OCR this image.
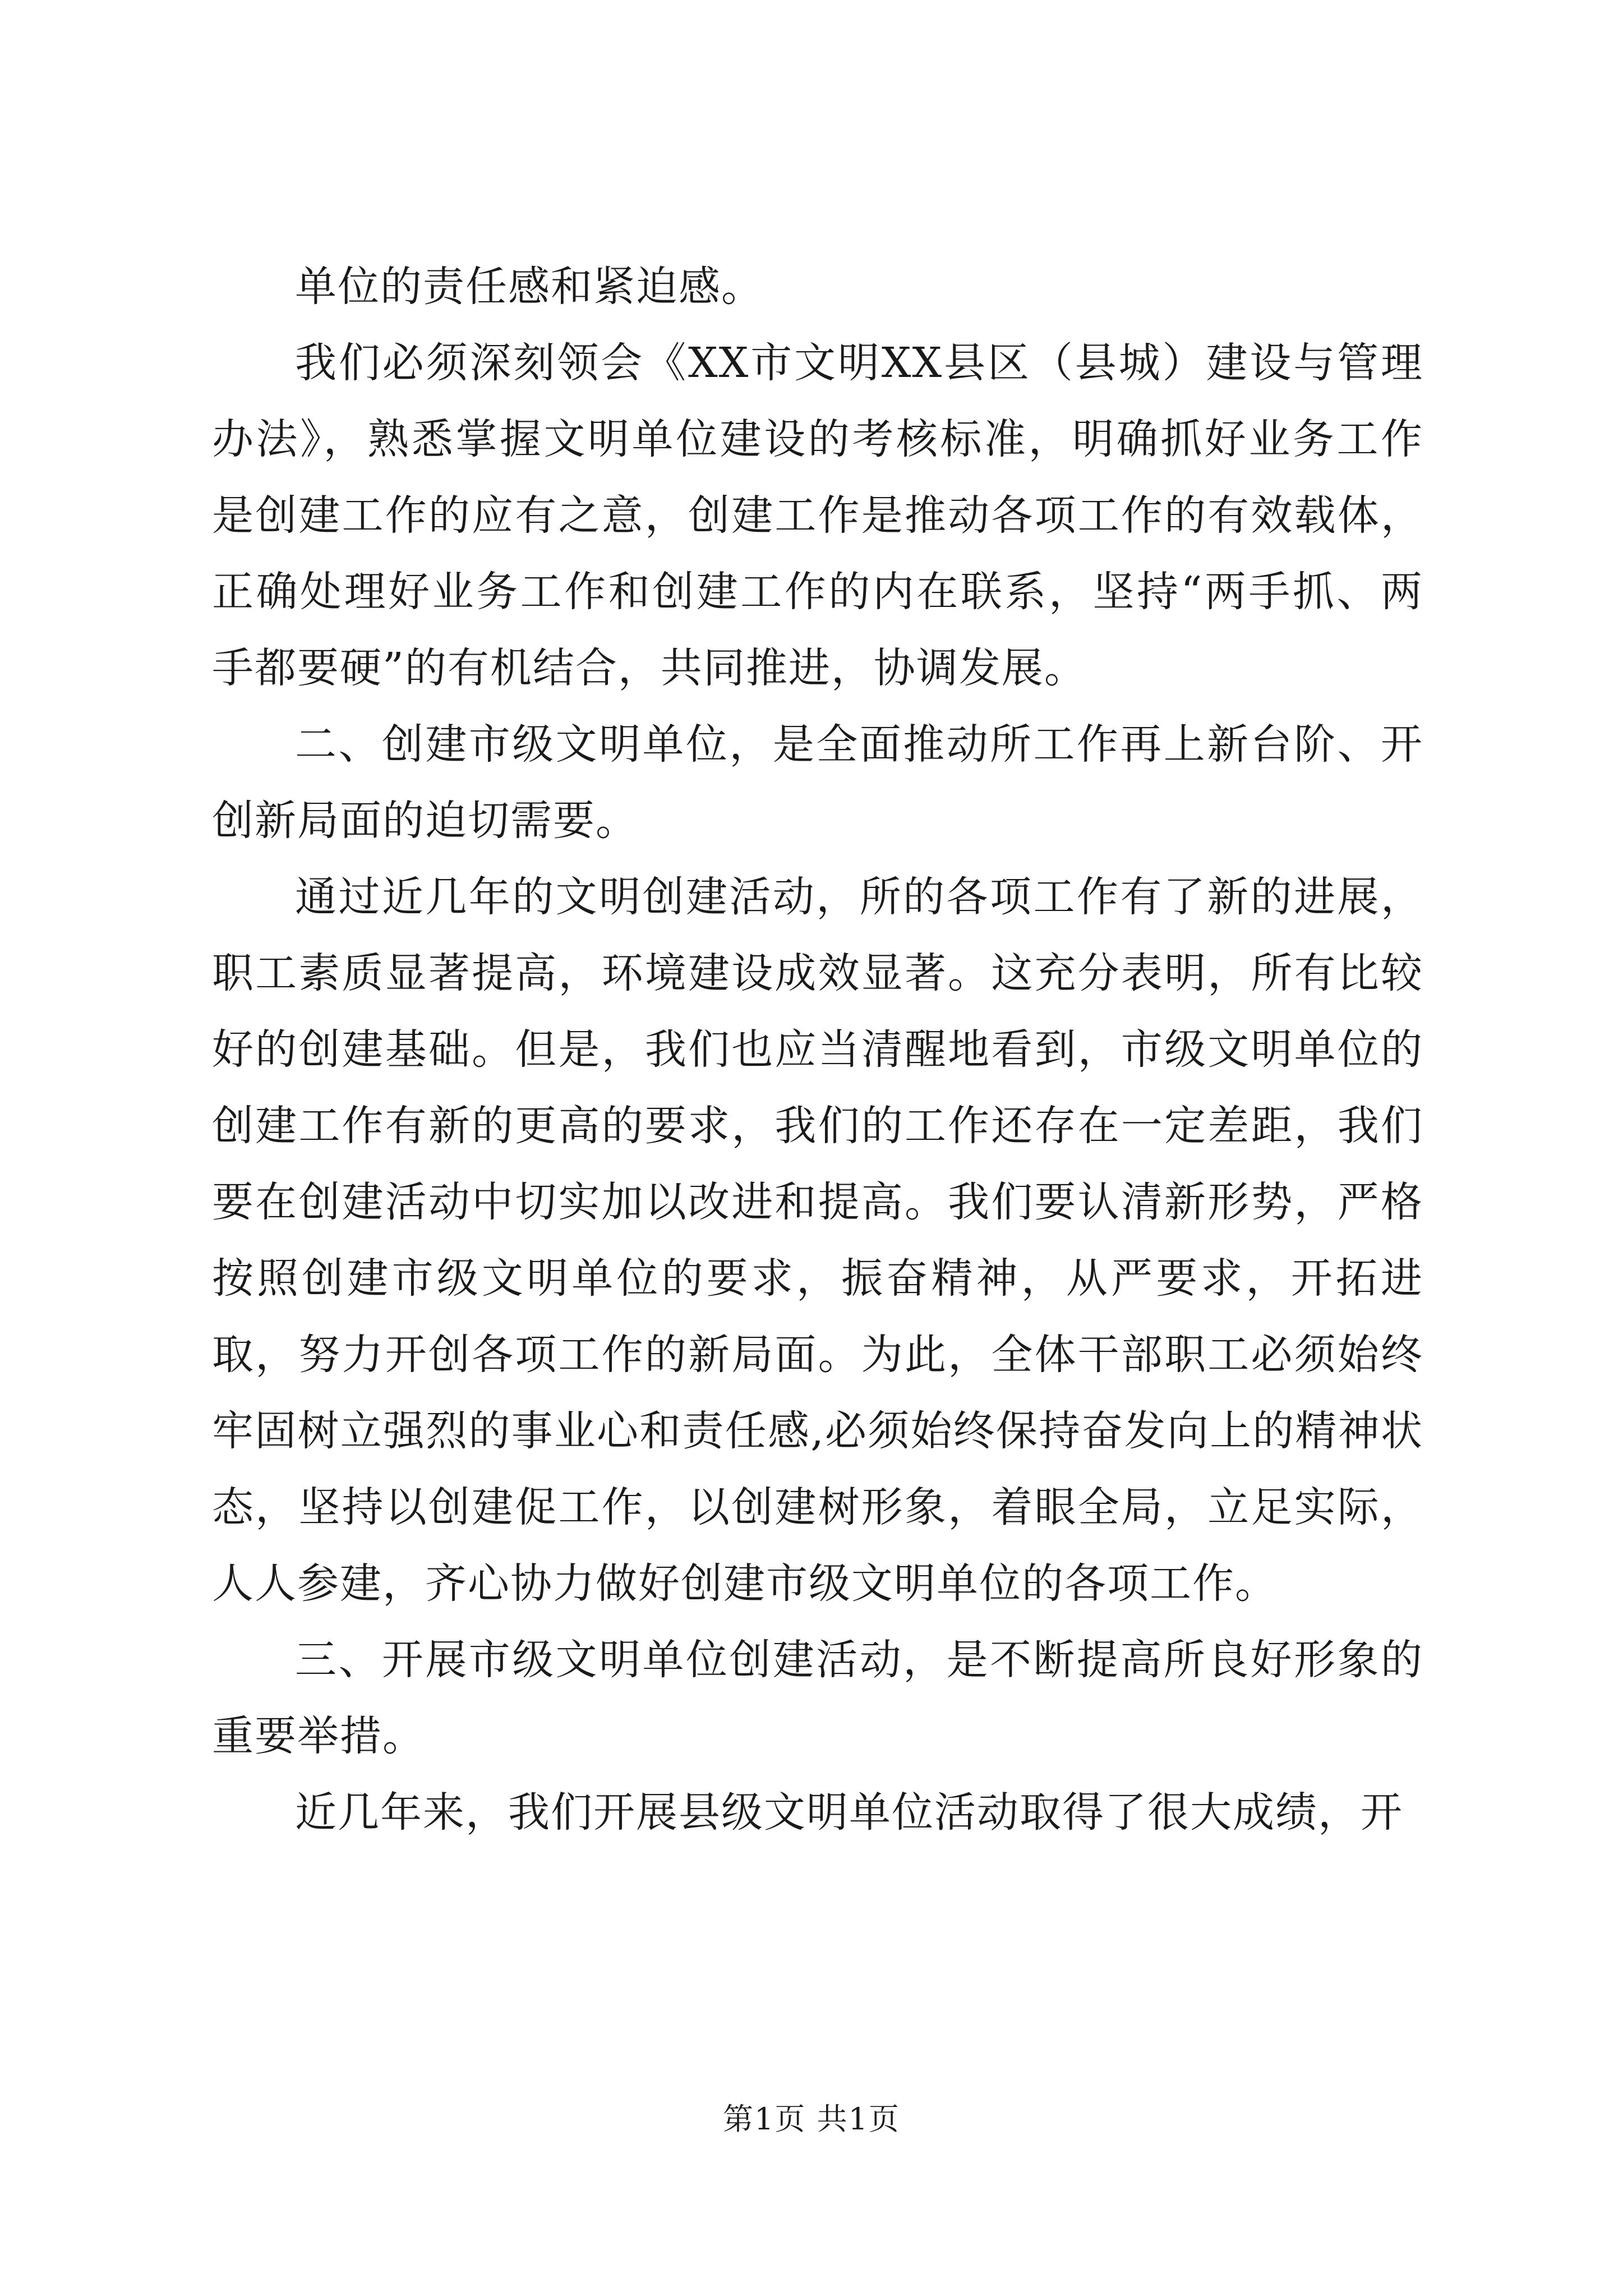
单位的责任感和紧迫感。

我们必须深刻领会《XX市文明XX县区（县城）建设与管理办法》，熟悉掌握文明单位建设的考核标准，明确抓好业务工作是创建工作的应有之意，创建工作是推动各项工作的有效载体，正确处理好业务工作和创建工作的内在联系，坚持“两手抓、两手都要硬”的有机结合，共同推进，协调发展。

二、创建市级文明单位，是全面推动所工作再上新台阶、开创新局面的迫切需要。

通过近几年的文明创建活动，所的各项工作有了新的进展，职工素质显著提高，环境建设成效显著。这充分表明，所有比较好的创建基础。但是，我们也应当清醒地看到，市级文明单位的创建工作有新的更高的要求，我们的工作还存在一定差距，我们要在创建活动中切实加以改进和提高。我们要认清新形势，严格按照创建市级文明单位的要求，振奋精神，从严要求，开拓进取，努力开创各项工作的新局面。为此，全体干部职工必须始终牢固树立强烈的事业心和责任感,必须始终保持奋发向上的精神状态，坚持以创建促工作，以创建树形象，着眼全局，立足实际，人人参建，齐心协力做好创建市级文明单位的各项工作。

三、开展市级文明单位创建活动，是不断提高所良好形象的重要举措。

近几年来，我们开展县级文明单位活动取得了很大成绩，开

第1页 共1页
